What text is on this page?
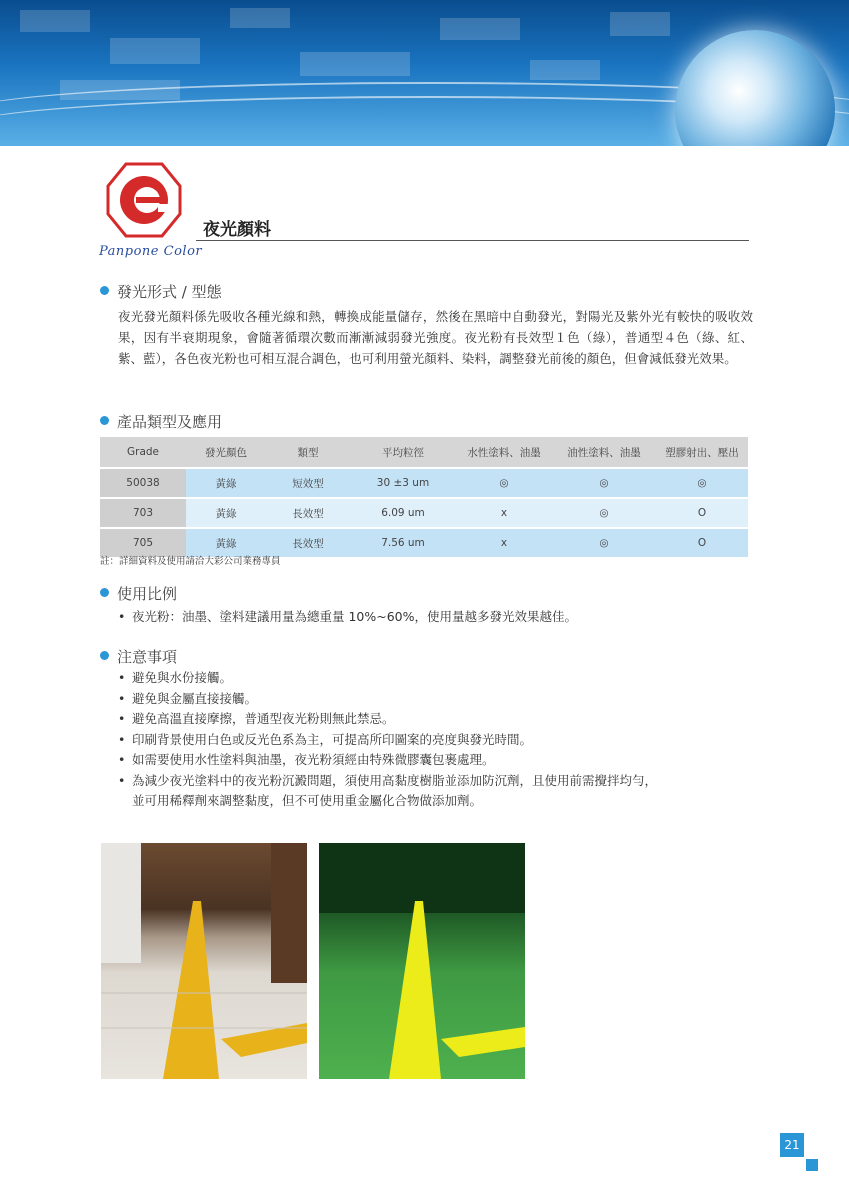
Panpone Color
夜光顏料
發光形式 / 型態
夜光發光顏料係先吸收各種光線和熱，轉換成能量儲存，然後在黑暗中自動發光，對陽光及紫外光有較快的吸收效果，因有半衰期現象，會隨著循環次數而漸漸減弱發光強度。夜光粉有長效型１色（綠），普通型４色（綠、紅、紫、藍），各色夜光粉也可相互混合調色，也可利用螢光顏料、染料，調整發光前後的顏色，但會減低發光效果。
產品類型及應用
Grade	發光顏色	類型	平均粒徑	水性塗料、油墨	油性塗料、油墨	塑膠射出、壓出
50038	黃綠	短效型	30 ±3 um	◎	◎	◎
703	黃綠	長效型	6.09 um	x	◎	O
705	黃綠	長效型	7.56 um	x	◎	O
註：詳細資料及使用請洽大彩公司業務專員
使用比例
• 夜光粉：油墨、塗料建議用量為總重量 10%~60%，使用量越多發光效果越佳。
注意事項
• 避免與水份接觸。
• 避免與金屬直接接觸。
• 避免高溫直接摩擦，普通型夜光粉則無此禁忌。
• 印刷背景使用白色或反光色系為主，可提高所印圖案的亮度與發光時間。
• 如需要使用水性塗料與油墨，夜光粉須經由特殊微膠囊包裹處理。
• 為減少夜光塗料中的夜光粉沉澱問題，須使用高黏度樹脂並添加防沉劑，且使用前需攪拌均勻，
並可用稀釋劑來調整黏度，但不可使用重金屬化合物做添加劑。
21
